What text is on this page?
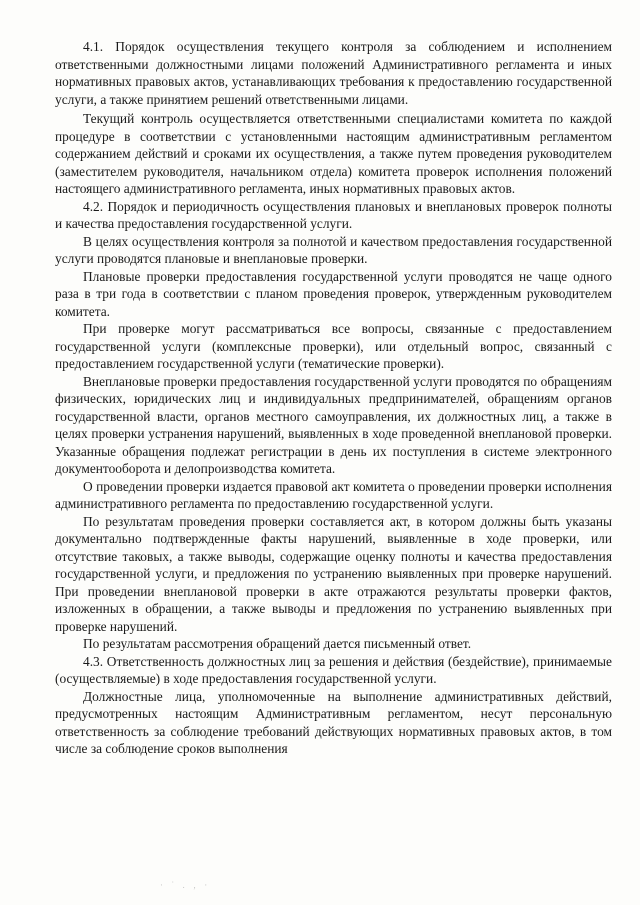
4.1. Порядок осуществления текущего контроля за соблюдением и исполнением ответственными должностными лицами положений Административного регламента и иных нормативных правовых актов, устанавливающих требования к предоставлению государственной услуги, а также принятием решений ответственными лицами.

Текущий контроль осуществляется ответственными специалистами комитета по каждой процедуре в соответствии с установленными настоящим административным регламентом содержанием действий и сроками их осуществления, а также путем проведения руководителем (заместителем руководителя, начальником отдела) комитета проверок исполнения положений настоящего административного регламента, иных нормативных правовых актов.

4.2. Порядок и периодичность осуществления плановых и внеплановых проверок полноты и качества предоставления государственной услуги.

В целях осуществления контроля за полнотой и качеством предоставления государственной услуги проводятся плановые и внеплановые проверки.

Плановые проверки предоставления государственной услуги проводятся не чаще одного раза в три года в соответствии с планом проведения проверок, утвержденным руководителем комитета.

При проверке могут рассматриваться все вопросы, связанные с предоставлением государственной услуги (комплексные проверки), или отдельный вопрос, связанный с предоставлением государственной услуги (тематические проверки).

Внеплановые проверки предоставления государственной услуги проводятся по обращениям физических, юридических лиц и индивидуальных предпринимателей, обращениям органов государственной власти, органов местного самоуправления, их должностных лиц, а также в целях проверки устранения нарушений, выявленных в ходе проведенной внеплановой проверки. Указанные обращения подлежат регистрации в день их поступления в системе электронного документооборота и делопроизводства комитета.

О проведении проверки издается правовой акт комитета о проведении проверки исполнения административного регламента по предоставлению государственной услуги.

По результатам проведения проверки составляется акт, в котором должны быть указаны документально подтвержденные факты нарушений, выявленные в ходе проверки, или отсутствие таковых, а также выводы, содержащие оценку полноты и качества предоставления государственной услуги, и предложения по устранению выявленных при проверке нарушений. При проведении внеплановой проверки в акте отражаются результаты проверки фактов, изложенных в обращении, а также выводы и предложения по устранению выявленных при проверке нарушений.

По результатам рассмотрения обращений дается письменный ответ.

4.3. Ответственность должностных лиц за решения и действия (бездействие), принимаемые (осуществляемые) в ходе предоставления государственной услуги.

Должностные лица, уполномоченные на выполнение административных действий, предусмотренных настоящим Административным регламентом, несут персональную ответственность за соблюдение требований действующих нормативных правовых актов, в том числе за соблюдение сроков выполнения

· ˙ . ‚ ·
